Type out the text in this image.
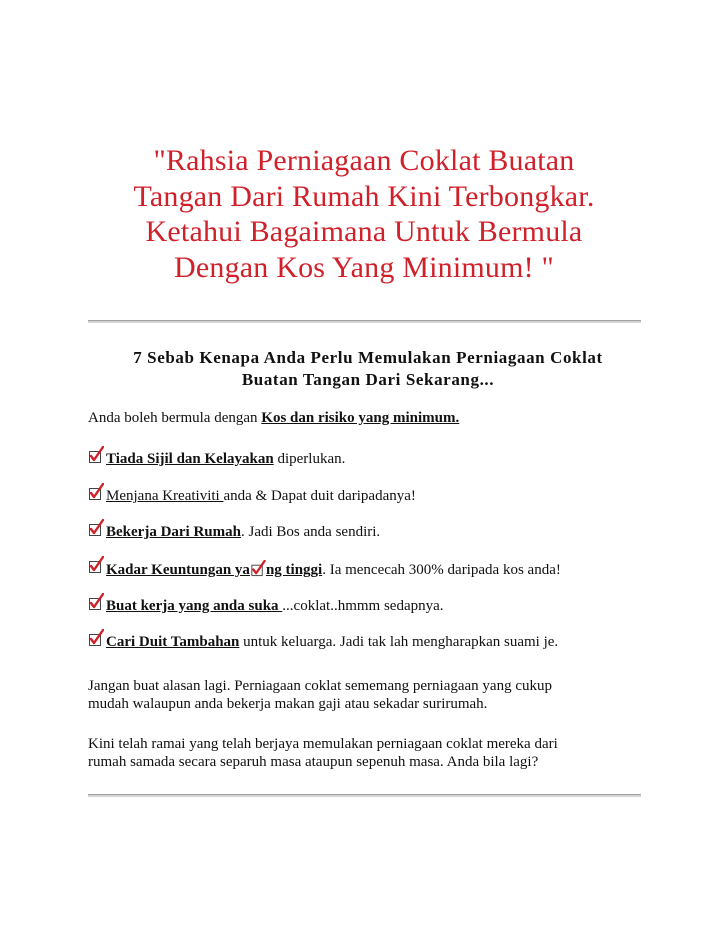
"Rahsia Perniagaan Coklat Buatan
Tangan Dari Rumah Kini Terbongkar.
Ketahui Bagaimana Untuk Bermula
Dengan Kos Yang Minimum! "
7 Sebab Kenapa Anda Perlu Memulakan Perniagaan Coklat
Buatan Tangan Dari Sekarang...
Anda boleh bermula dengan Kos dan risiko yang minimum.
Tiada Sijil dan Kelayakan diperlukan.
Menjana Kreativiti anda & Dapat duit daripadanya!
Bekerja Dari Rumah. Jadi Bos anda sendiri.
Kadar Keuntungan ya ng tinggi. Ia mencecah 300% daripada kos anda!
Buat kerja yang anda suka ...coklat..hmmm sedapnya.
Cari Duit Tambahan untuk keluarga. Jadi tak lah mengharapkan suami je.
Jangan buat alasan lagi. Perniagaan coklat sememang perniagaan yang cukup
mudah walaupun anda bekerja makan gaji atau sekadar surirumah.
Kini telah ramai yang telah berjaya memulakan perniagaan coklat mereka dari
rumah samada secara separuh masa ataupun sepenuh masa. Anda bila lagi?
